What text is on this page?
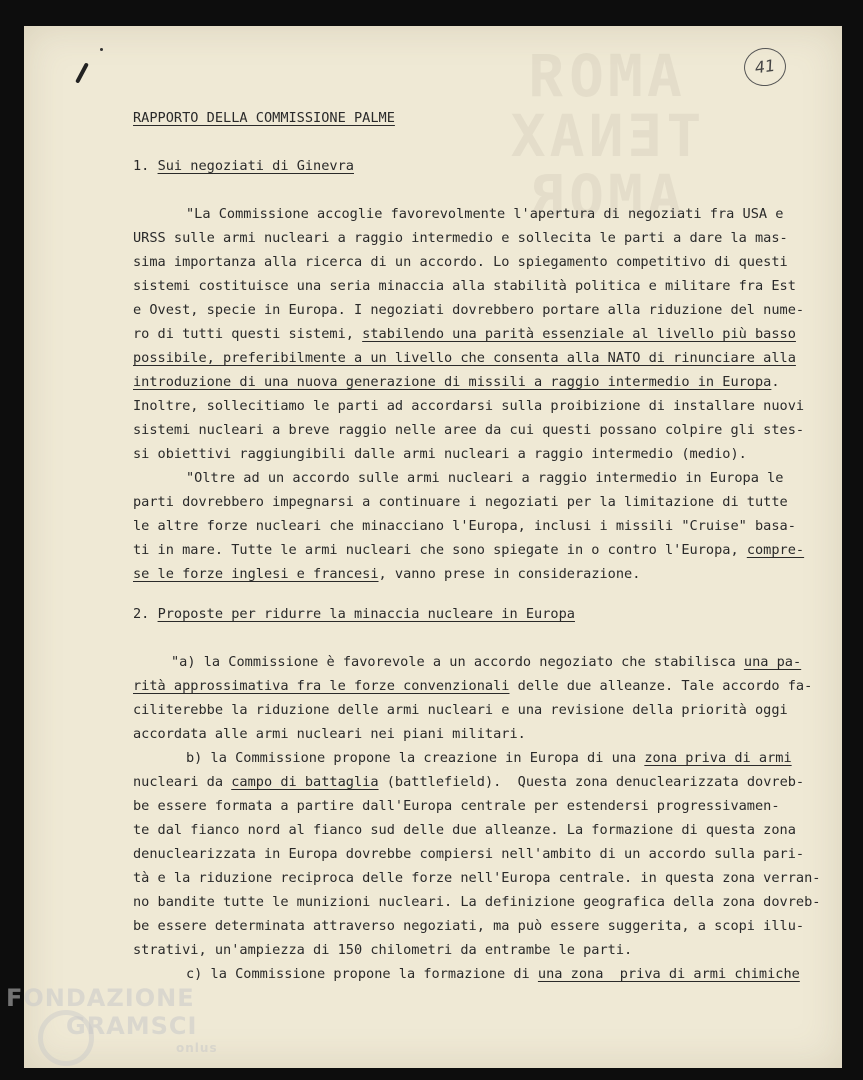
AMOЯ
TENAX
AMOR
41
RAPPORTO DELLA COMMISSIONE PALME
1. Sui negoziati di Ginevra
"La Commissione accoglie favorevolmente l'apertura di negoziati fra USA e
URSS sulle armi nucleari a raggio intermedio e sollecita le parti a dare la mas-
sima importanza alla ricerca di un accordo. Lo spiegamento competitivo di questi
sistemi costituisce una seria minaccia alla stabilità politica e militare fra Est
e Ovest, specie in Europa. I negoziati dovrebbero portare alla riduzione del nume-
ro di tutti questi sistemi, stabilendo una parità essenziale al livello più basso
possibile, preferibilmente a un livello che consenta alla NATO di rinunciare alla
introduzione di una nuova generazione di missili a raggio intermedio in Europa.
Inoltre, sollecitiamo le parti ad accordarsi sulla proibizione di installare nuovi
sistemi nucleari a breve raggio nelle aree da cui questi possano colpire gli stes-
si obiettivi raggiungibili dalle armi nucleari a raggio intermedio (medio).
"Oltre ad un accordo sulle armi nucleari a raggio intermedio in Europa le
parti dovrebbero impegnarsi a continuare i negoziati per la limitazione di tutte
le altre forze nucleari che minacciano l'Europa, inclusi i missili "Cruise" basa-
ti in mare. Tutte le armi nucleari che sono spiegate in o contro l'Europa, compre-
se le forze inglesi e francesi, vanno prese in considerazione.
2. Proposte per ridurre la minaccia nucleare in Europa
"a) la Commissione è favorevole a un accordo negoziato che stabilisca una pa-
rità approssimativa fra le forze convenzionali delle due alleanze. Tale accordo fa-
ciliterebbe la riduzione delle armi nucleari e una revisione della priorità oggi
accordata alle armi nucleari nei piani militari.
b) la Commissione propone la creazione in Europa di una zona priva di armi
nucleari da campo di battaglia (battlefield).  Questa zona denuclearizzata dovreb-
be essere formata a partire dall'Europa centrale per estendersi progressivamen-
te dal fianco nord al fianco sud delle due alleanze. La formazione di questa zona
denuclearizzata in Europa dovrebbe compiersi nell'ambito di un accordo sulla pari-
tà e la riduzione reciproca delle forze nell'Europa centrale. in questa zona verran-
no bandite tutte le munizioni nucleari. La definizione geografica della zona dovreb-
be essere determinata attraverso negoziati, ma può essere suggerita, a scopi illu-
strativi, un'ampiezza di 150 chilometri da entrambe le parti.
c) la Commissione propone la formazione di una zona  priva di armi chimiche
FONDAZIONE
GRAMSCI
onlus
